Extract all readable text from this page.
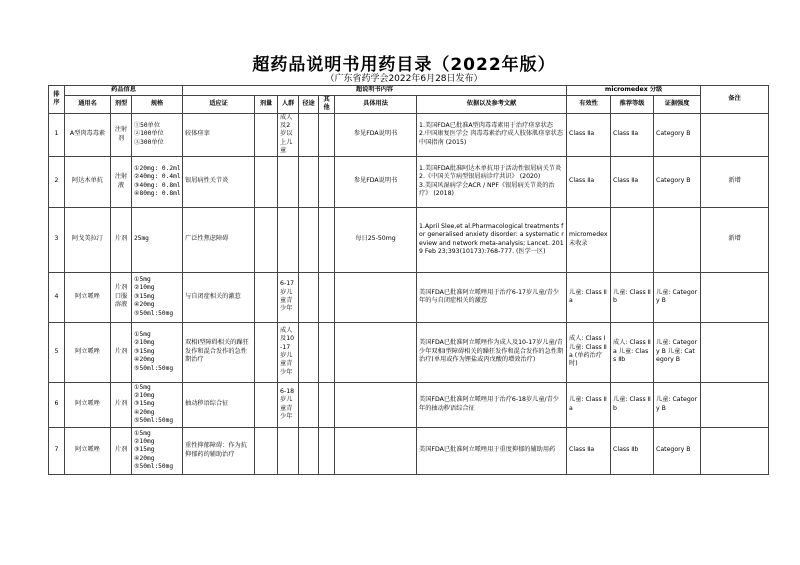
超药品说明书用药目录（2022年版）
（广东省药学会2022年6月28日发布）
排序	药品信息			超说明书内容							micromedex 分级			备注
	通用名	剂型	规格	适应证	剂量	人群	径途	其他	具体用法	依据以及参考文献	有效性	推荐等级	证据强度	
1	A型肉毒毒素	注射剂	①50单位
②100单位
③300单位	较体痉挛		成人及2岁以上儿童			参见FDA说明书	1.美国FDA已批准A型肉毒毒素用于治疗痉挛状态
2.中国康复医学会 肉毒毒素治疗成人肢体肌痉挛状态中国指南 (2015)	Class Ⅱa	Class Ⅱa	Category B	
2	阿达木单抗	注射液	①20mg: 0.2ml
②40mg: 0.4ml
③40mg: 0.8ml
④80mg: 0.8ml	银屑病性关节炎					参见FDA说明书	1.美国FDA批准阿达木单抗用于活动性银屑病关节炎
2.《中国关节病型银屑病诊疗共识》 (2020)
3.美国风湿病学会ACR / NPF《银屑病关节炎的治疗》 (2018)	Class Ⅱa	Class Ⅱa	Category B	新增
3	阿戈美拉汀	片剂	25mg	广泛性焦虑障碍					每日25-50mg	1.April Slee,et al.Pharmacological treatments for generalised anxiety disorder: a systematic review and network meta-analysis; Lancet. 2019 Feb 23;393(10173):768-777. (医学一区)	micromedex未收录			新增
4	阿立哌唑	片剂 口服溶液	①5mg
②10mg
③15mg
④20mg
⑤50ml:50mg	与自闭症相关的激惹		6-17岁儿童青少年				美国FDA已批准阿立哌唑用于治疗6-17岁儿童/青少年的与自闭症相关的激惹	儿童: Class Ⅱa	儿童: Class Ⅱb	儿童: Category B	
5	阿立哌唑	片剂	①5mg
②10mg
③15mg
④20mg
⑤50ml:50mg	双相Ⅰ型障碍相关的躁狂发作和混合发作的急性期治疗		成人及10-17岁儿童青少年				美国FDA已批准阿立哌唑作为成人及10-17岁儿童/青少年双相Ⅰ型障碍相关的躁狂发作和混合发作的急性期治疗(单用或作为锂盐或丙戊酸的增效治疗)	成人: Class Ⅰ 儿童: Class Ⅱa (单药治疗时)	成人: Class Ⅱa 儿童: Class Ⅱb	儿童: Category B 儿童: Category B	
6	阿立哌唑	片剂	①5mg
②10mg
③15mg
④20mg
⑤50ml:50mg	抽动秽语综合征		6-18岁儿童青少年				美国FDA已批准阿立哌唑用于治疗6-18岁儿童/青少年的抽动秽语综合征	儿童: Class Ⅱa	儿童: Class Ⅱb	儿童: Category B	
7	阿立哌唑	片剂	①5mg
②10mg
③15mg
④20mg
⑤50ml:50mg	重性抑郁障碍：作为抗抑郁药的辅助治疗						美国FDA已批准阿立哌唑用于重度抑郁的辅助用药	Class Ⅱa	Class Ⅱb	Category B	
